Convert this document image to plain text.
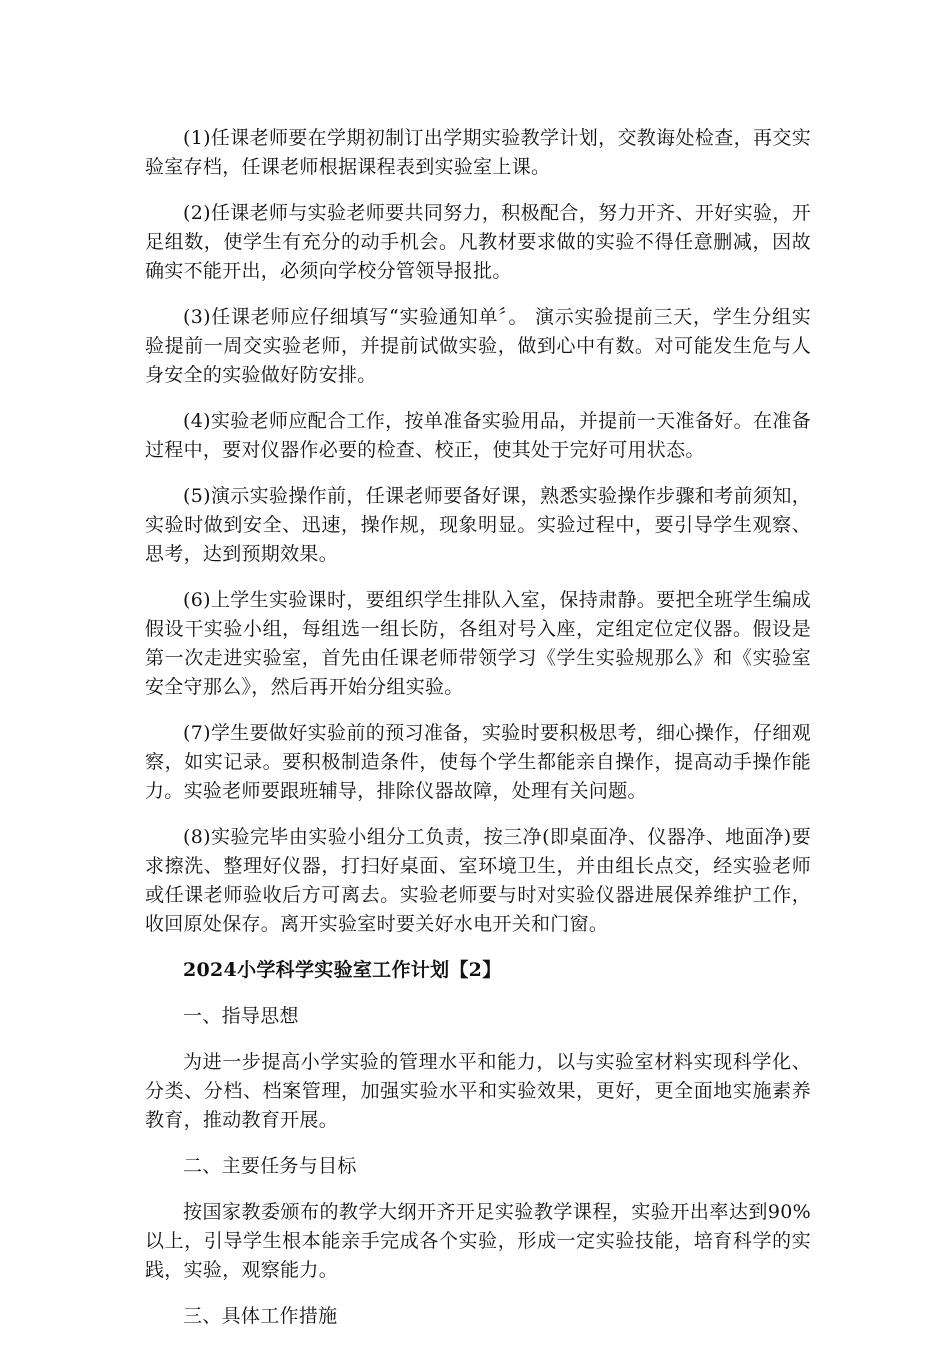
(1)任课老师要在学期初制订出学期实验教学计划，交教诲处检查，再交实验室存档，任课老师根据课程表到实验室上课。

(2)任课老师与实验老师要共同努力，积极配合，努力开齐、开好实验，开足组数，使学生有充分的动手机会。凡教材要求做的实验不得任意删减，因故确实不能开出，必须向学校分管领导报批。

(3)任课老师应仔细填写“实验通知单〞。 演示实验提前三天，学生分组实验提前一周交实验老师，并提前试做实验，做到心中有数。对可能发生危与人身安全的实验做好防安排。

(4)实验老师应配合工作，按单准备实验用品，并提前一天准备好。在准备过程中，要对仪器作必要的检查、校正，使其处于完好可用状态。

(5)演示实验操作前，任课老师要备好课，熟悉实验操作步骤和考前须知，实验时做到安全、迅速，操作规，现象明显。实验过程中，要引导学生观察、思考，达到预期效果。

(6)上学生实验课时，要组织学生排队入室，保持肃静。要把全班学生编成假设干实验小组，每组选一组长防，各组对号入座，定组定位定仪器。假设是第一次走进实验室，首先由任课老师带领学习《学生实验规那么》和《实验室安全守那么》，然后再开始分组实验。

(7)学生要做好实验前的预习准备，实验时要积极思考，细心操作，仔细观察，如实记录。要积极制造条件，使每个学生都能亲自操作，提高动手操作能力。实验老师要跟班辅导，排除仪器故障，处理有关问题。

(8)实验完毕由实验小组分工负责，按三净(即桌面净、仪器净、地面净)要求擦洗、整理好仪器，打扫好桌面、室环境卫生，并由组长点交，经实验老师或任课老师验收后方可离去。实验老师要与时对实验仪器进展保养维护工作，收回原处保存。离开实验室时要关好水电开关和门窗。

2024小学科学实验室工作计划【2】

一、指导思想

为进一步提高小学实验的管理水平和能力，以与实验室材料实现科学化、分类、分档、档案管理，加强实验水平和实验效果，更好，更全面地实施素养教育，推动教育开展。

二、主要任务与目标

按国家教委颁布的教学大纲开齐开足实验教学课程，实验开出率达到90%以上，引导学生根本能亲手完成各个实验，形成一定实验技能，培育科学的实践，实验，观察能力。

三、具体工作措施
